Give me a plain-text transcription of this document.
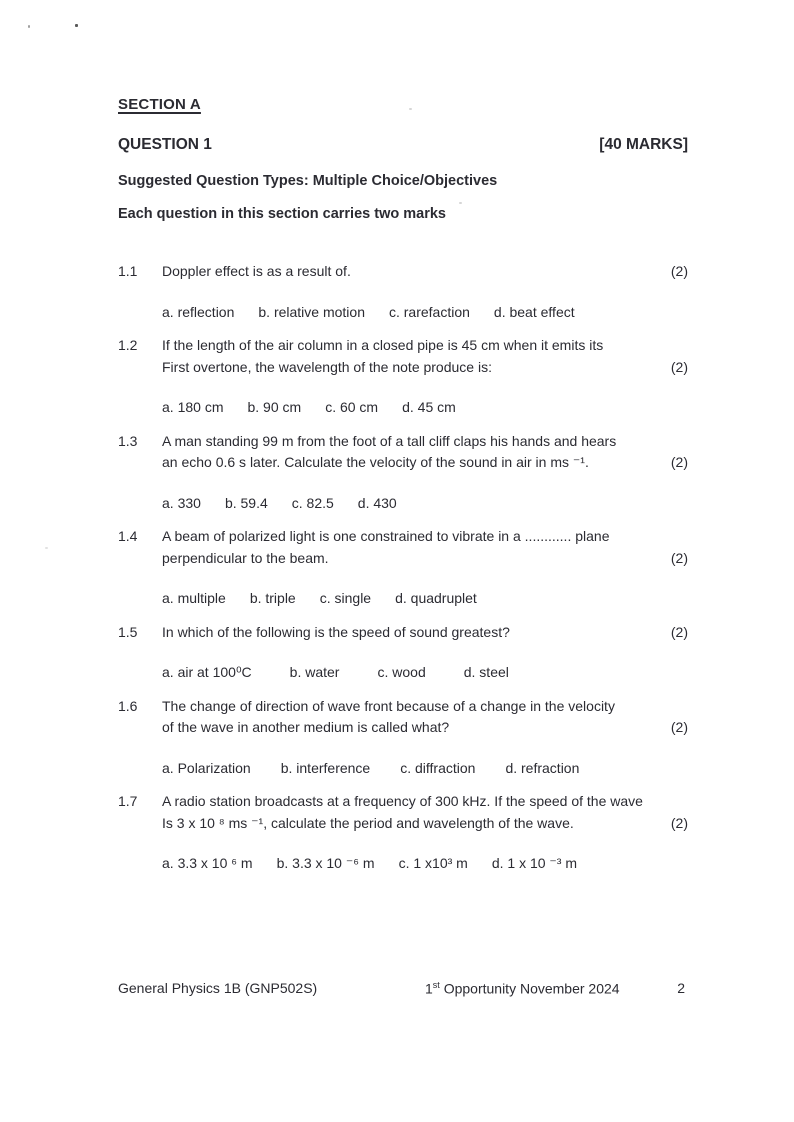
SECTION A
QUESTION 1	[40 MARKS]
Suggested Question Types: Multiple Choice/Objectives
Each question in this section carries two marks
1.1	Doppler effect is as a result of.	(2)
a. reflection b. relative motion c. rarefaction d. beat effect
1.2	If the length of the air column in a closed pipe is 45 cm when it emits its
First overtone, the wavelength of the note produce is:	(2)
a. 180 cm b. 90 cm c. 60 cm d. 45 cm
1.3	A man standing 99 m from the foot of a tall cliff claps his hands and hears
an echo 0.6 s later. Calculate the velocity of the sound in air in ms ⁻¹.	(2)
a. 330 b. 59.4 c. 82.5 d. 430
1.4	A beam of polarized light is one constrained to vibrate in a ............ plane
perpendicular to the beam.	(2)
a. multiple b. triple c. single d. quadruplet
1.5	In which of the following is the speed of sound greatest?	(2)
a. air at 100⁰C	b. water	c. wood	d. steel
1.6	The change of direction of wave front because of a change in the velocity
of the wave in another medium is called what?	(2)
a. Polarization b. interference c. diffraction d. refraction
1.7	A radio station broadcasts at a frequency of 300 kHz. If the speed of the wave
Is 3 x 10 ⁸ ms ⁻¹, calculate the period and wavelength of the wave.	(2)
a. 3.3 x 10 ⁶ m b. 3.3 x 10 ⁻⁶ m c. 1 x10³ m d. 1 x 10 ⁻³ m
General Physics 1B (GNP502S)	1st Opportunity November 2024	2
